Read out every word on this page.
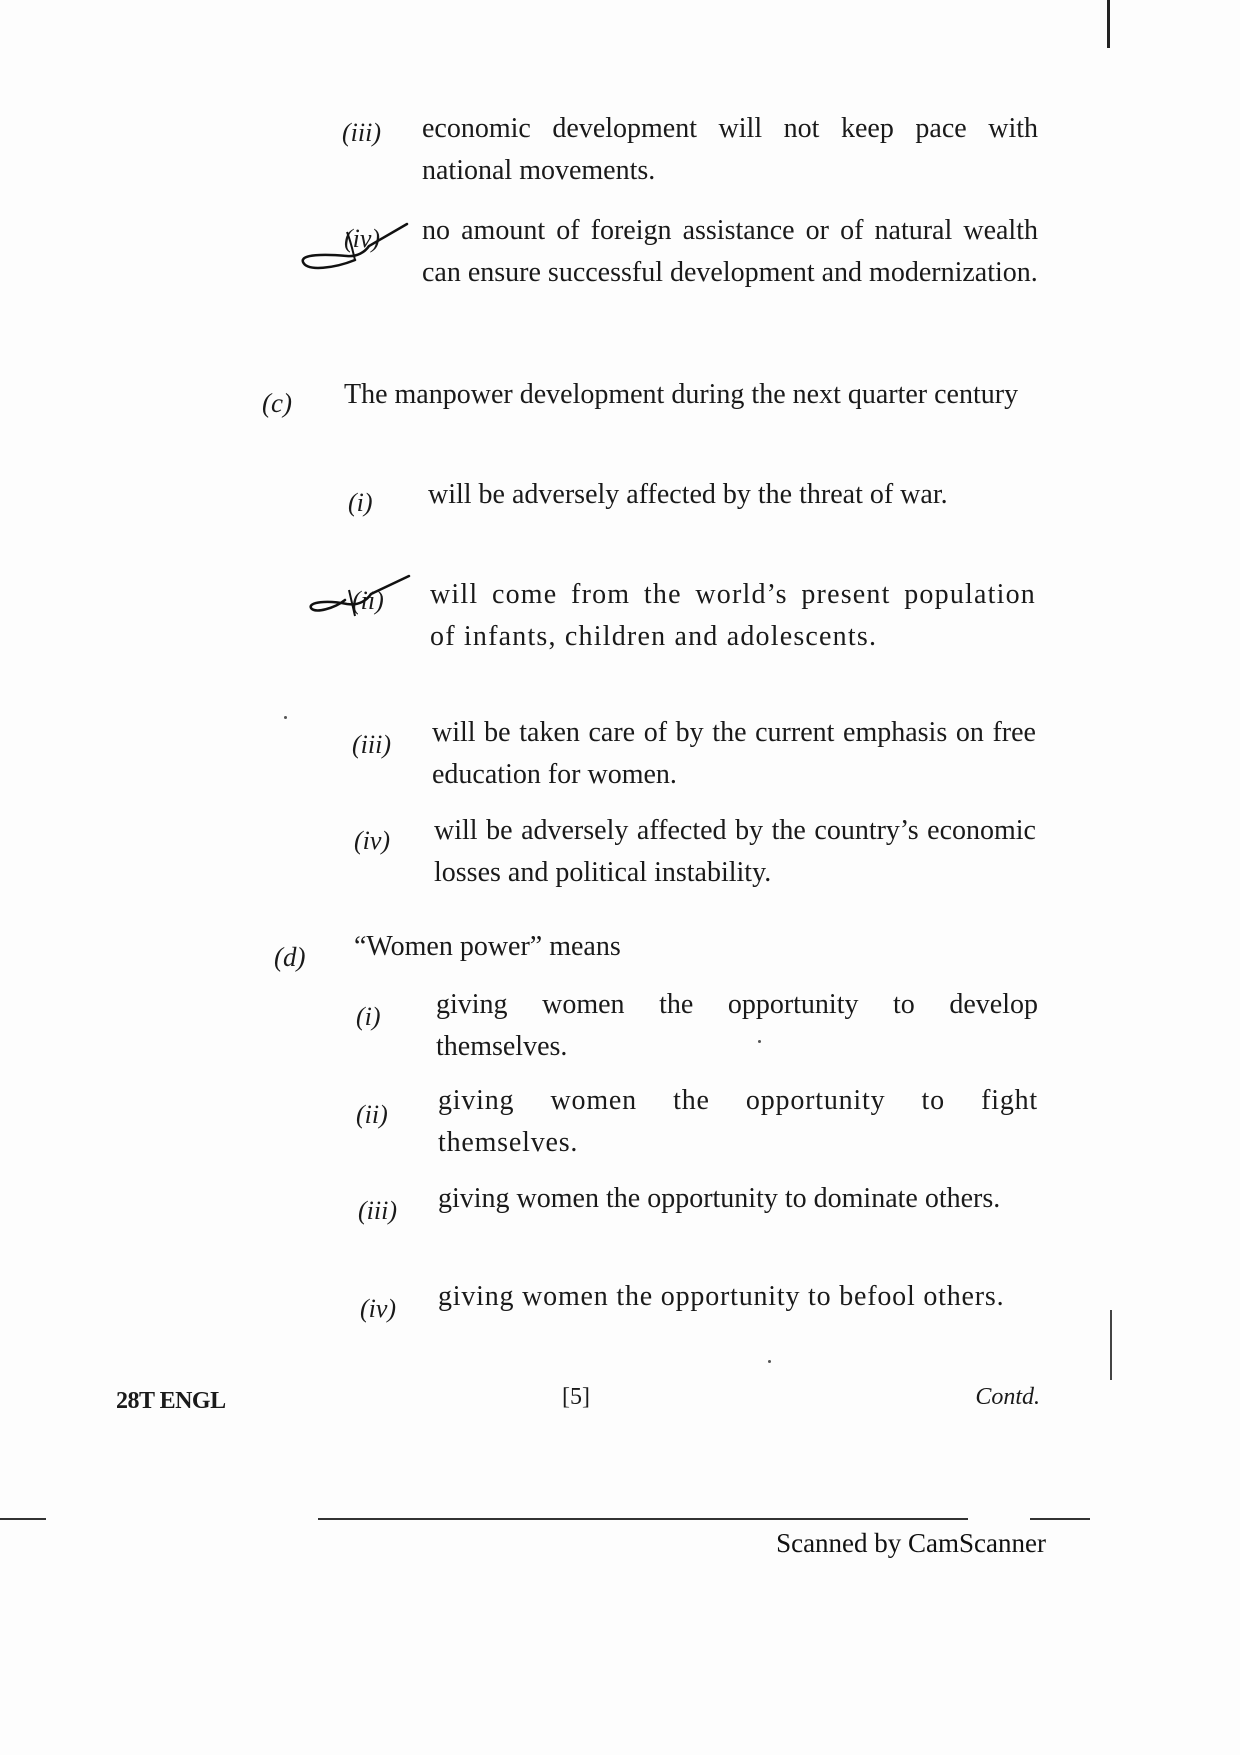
(iii) economic development will not keep pace with national movements.
(iv) no amount of foreign assistance or of natural wealth can ensure successful development and modernization.
(c) The manpower development during the next quarter century
(i) will be adversely affected by the threat of war.
(ii) will come from the world’s present population of infants, children and adolescents.
(iii) will be taken care of by the current emphasis on free education for women.
(iv) will be adversely affected by the country’s economic losses and political instability.
(d) “Women power” means
(i) giving women the opportunity to develop themselves.
(ii) giving women the opportunity to fight themselves.
(iii) giving women the opportunity to dominate others.
(iv) giving women the opportunity to befool others.
28T ENGL	[5]	Contd.
Scanned by CamScanner
